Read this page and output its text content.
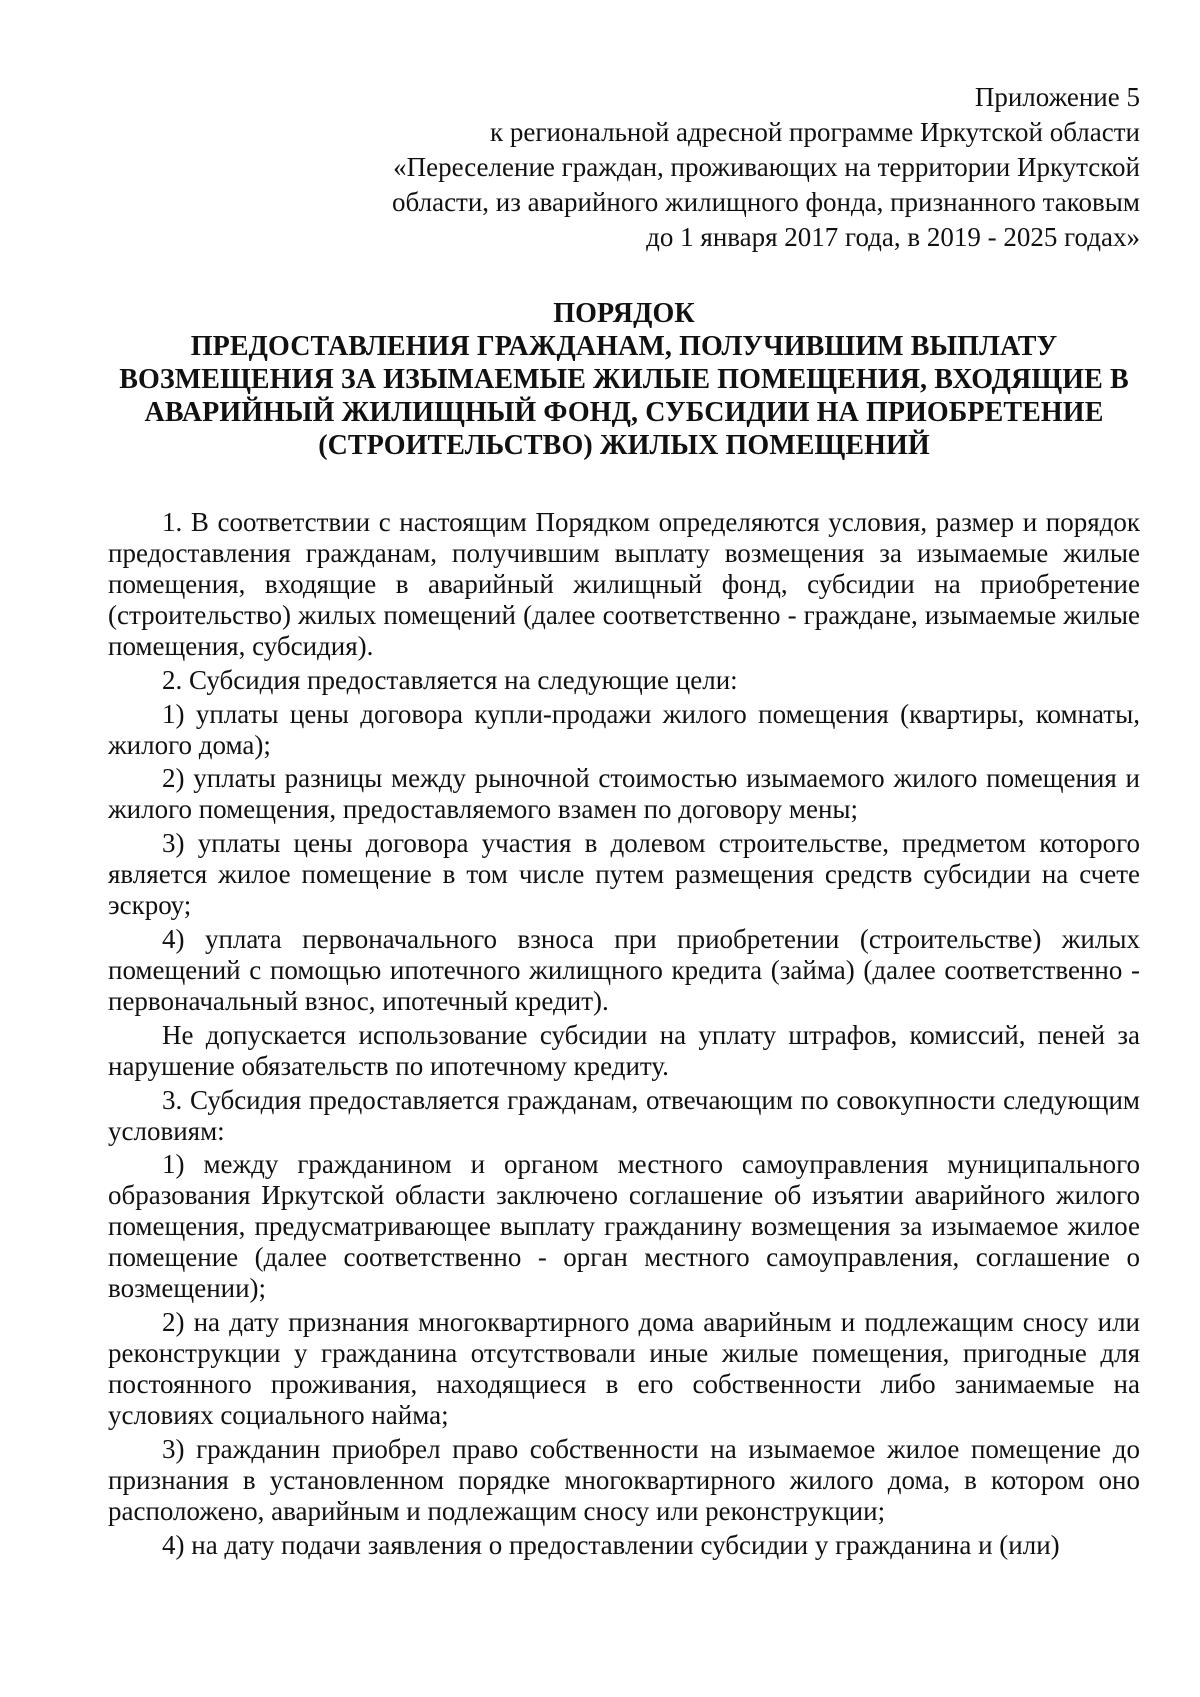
Приложение 5
к региональной адресной программе Иркутской области
«Переселение граждан, проживающих на территории Иркутской
области, из аварийного жилищного фонда, признанного таковым
до 1 января 2017 года, в 2019 - 2025 годах»
ПОРЯДОК
ПРЕДОСТАВЛЕНИЯ ГРАЖДАНАМ, ПОЛУЧИВШИМ ВЫПЛАТУ
ВОЗМЕЩЕНИЯ ЗА ИЗЫМАЕМЫЕ ЖИЛЫЕ ПОМЕЩЕНИЯ, ВХОДЯЩИЕ В
АВАРИЙНЫЙ ЖИЛИЩНЫЙ ФОНД, СУБСИДИИ НА ПРИОБРЕТЕНИЕ
(СТРОИТЕЛЬСТВО) ЖИЛЫХ ПОМЕЩЕНИЙ

1. В соответствии с настоящим Порядком определяются условия, размер и порядок предоставления гражданам, получившим выплату возмещения за изымаемые жилые помещения, входящие в аварийный жилищный фонд, субсидии на приобретение (строительство) жилых помещений (далее соответственно - граждане, изымаемые жилые помещения, субсидия).

2. Субсидия предоставляется на следующие цели:

1) уплаты цены договора купли-продажи жилого помещения (квартиры, комнаты, жилого дома);

2) уплаты разницы между рыночной стоимостью изымаемого жилого помещения и жилого помещения, предоставляемого взамен по договору мены;

3) уплаты цены договора участия в долевом строительстве, предметом которого является жилое помещение в том числе путем размещения средств субсидии на счете эскроу;

4) уплата первоначального взноса при приобретении (строительстве) жилых помещений с помощью ипотечного жилищного кредита (займа) (далее соответственно - первоначальный взнос, ипотечный кредит).

Не допускается использование субсидии на уплату штрафов, комиссий, пеней за нарушение обязательств по ипотечному кредиту.

3. Субсидия предоставляется гражданам, отвечающим по совокупности следующим условиям:

1) между гражданином и органом местного самоуправления муниципального образования Иркутской области заключено соглашение об изъятии аварийного жилого помещения, предусматривающее выплату гражданину возмещения за изымаемое жилое помещение (далее соответственно - орган местного самоуправления, соглашение о возмещении);

2) на дату признания многоквартирного дома аварийным и подлежащим сносу или реконструкции у гражданина отсутствовали иные жилые помещения, пригодные для постоянного проживания, находящиеся в его собственности либо занимаемые на условиях социального найма;

3) гражданин приобрел право собственности на изымаемое жилое помещение до признания в установленном порядке многоквартирного жилого дома, в котором оно расположено, аварийным и подлежащим сносу или реконструкции;

4) на дату подачи заявления о предоставлении субсидии у гражданина и (или)
